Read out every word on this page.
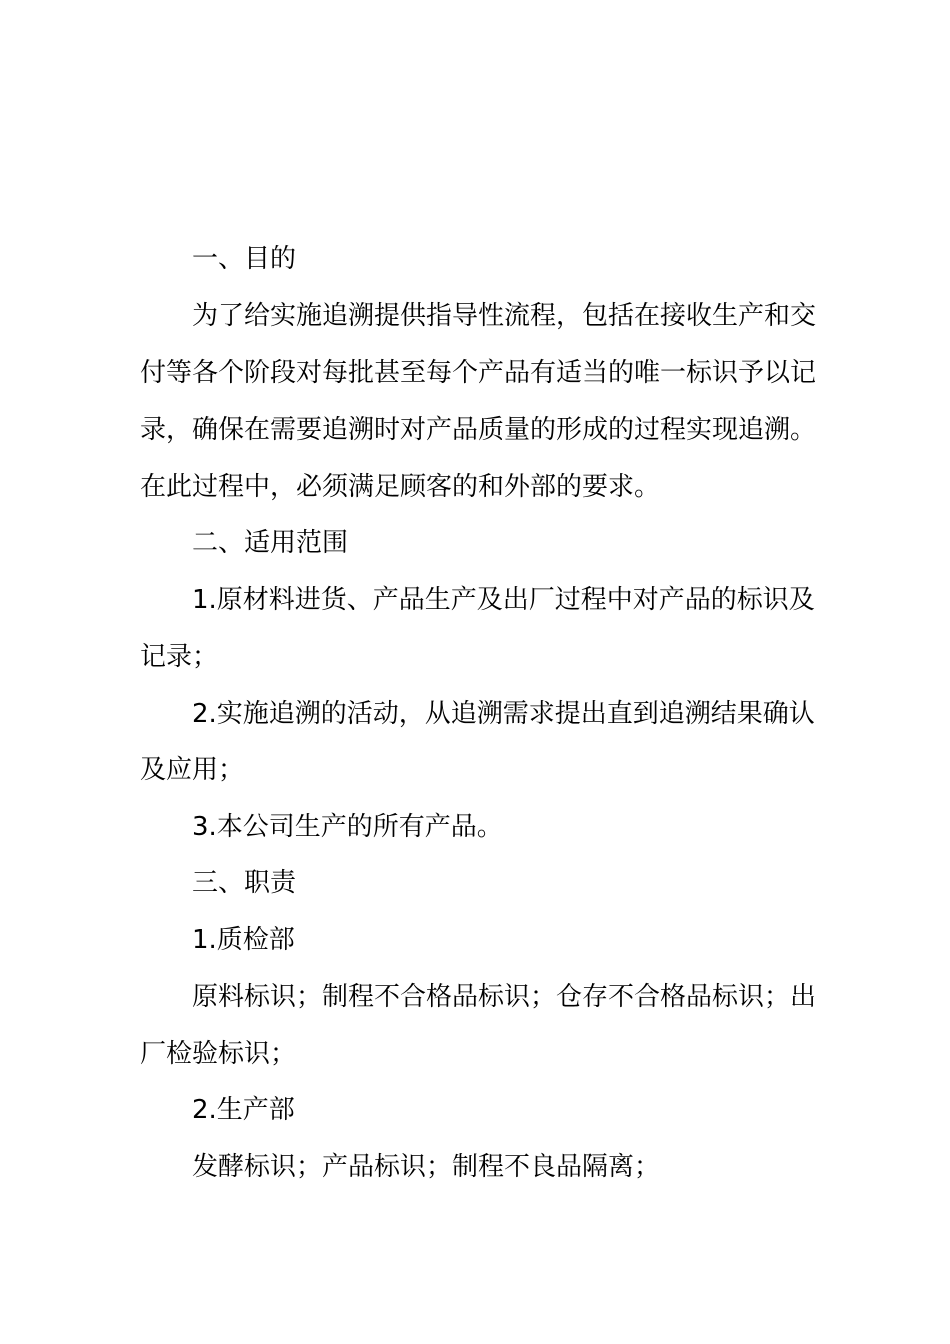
一、目的
为了给实施追溯提供指导性流程，包括在接收生产和交
付等各个阶段对每批甚至每个产品有适当的唯一标识予以记
录，确保在需要追溯时对产品质量的形成的过程实现追溯。
在此过程中，必须满足顾客的和外部的要求。
二、适用范围
1.原材料进货、产品生产及出厂过程中对产品的标识及
记录；
2.实施追溯的活动，从追溯需求提出直到追溯结果确认
及应用；
3.本公司生产的所有产品。
三、职责
1.质检部
原料标识；制程不合格品标识；仓存不合格品标识；出
厂检验标识；
2.生产部
发酵标识；产品标识；制程不良品隔离；
